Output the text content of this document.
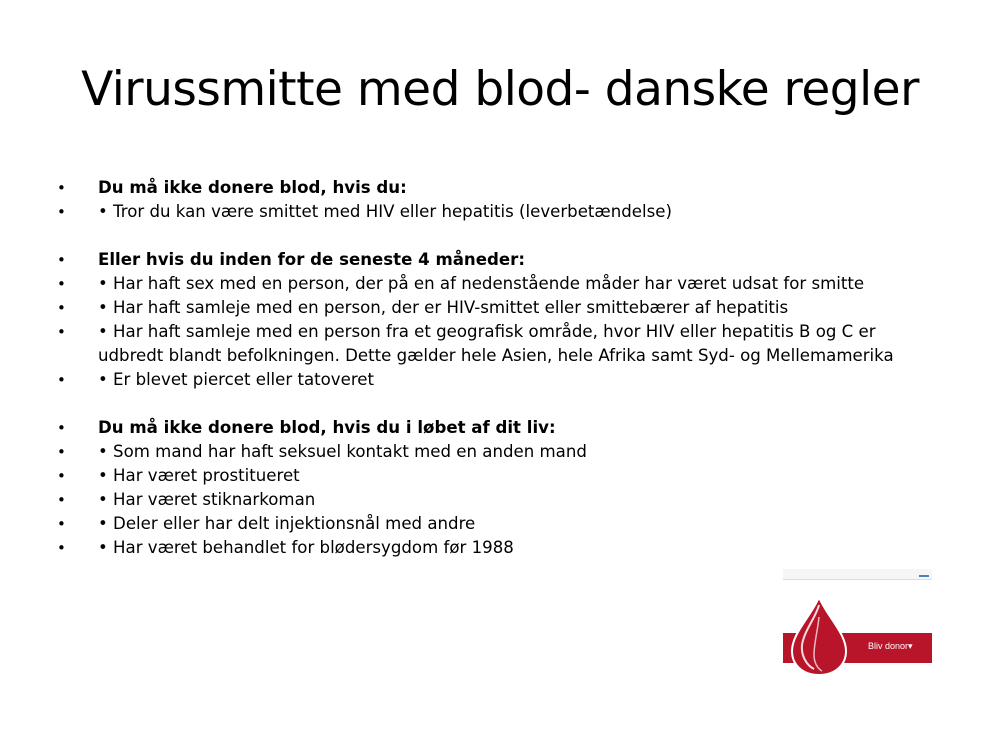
Virussmitte med blod- danske regler
• Du må ikke donere blod, hvis du:
• • Tror du kan være smittet med HIV eller hepatitis (leverbetændelse)
• Eller hvis du inden for de seneste 4 måneder:
• • Har haft sex med en person, der på en af nedenstående måder har været udsat for smitte
• • Har haft samleje med en person, der er HIV-smittet eller smittebærer af hepatitis
• • Har haft samleje med en person fra et geografisk område, hvor HIV eller hepatitis B og C er udbredt blandt befolkningen. Dette gælder hele Asien, hele Afrika samt Syd- og Mellemamerika
• • Er blevet piercet eller tatoveret
• Du må ikke donere blod, hvis du i løbet af dit liv:
• • Som mand har haft seksuel kontakt med en anden mand
• • Har været prostitueret
• • Har været stiknarkoman
• • Deler eller har delt injektionsnål med andre
• • Har været behandlet for blødersygdom før 1988
Bliv donor▾
